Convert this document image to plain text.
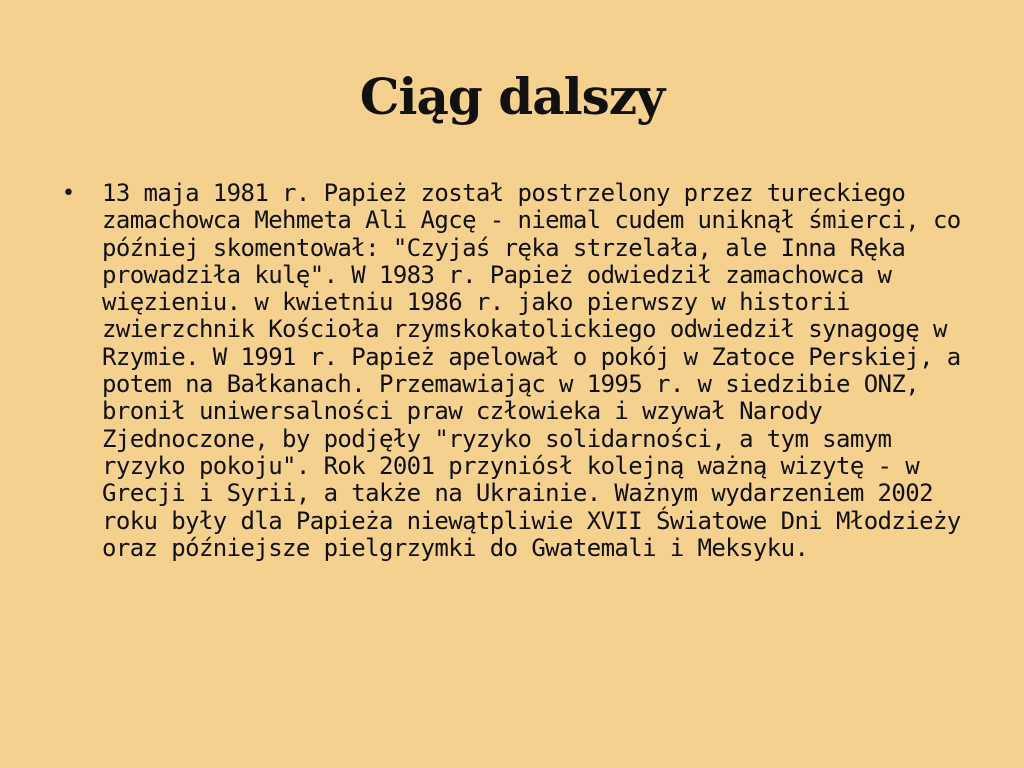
Ciąg dalszy
• 13 maja 1981 r. Papież został postrzelony przez tureckiego zamachowca Mehmeta Ali Agcę - niemal cudem uniknął śmierci, co później skomentował: "Czyjaś ręka strzelała, ale Inna Ręka prowadziła kulę". W 1983 r. Papież odwiedził zamachowca w więzieniu. w kwietniu 1986 r. jako pierwszy w historii zwierzchnik Kościoła rzymskokatolickiego odwiedził synagogę w Rzymie. W 1991 r. Papież apelował o pokój w Zatoce Perskiej, a potem na Bałkanach. Przemawiając w 1995 r. w siedzibie ONZ, bronił uniwersalności praw człowieka i wzywał Narody Zjednoczone, by podjęły "ryzyko solidarności, a tym samym ryzyko pokoju". Rok 2001 przyniósł kolejną ważną wizytę - w Grecji i Syrii, a także na Ukrainie. Ważnym wydarzeniem 2002 roku były dla Papieża niewątpliwie XVII Światowe Dni Młodzieży oraz późniejsze pielgrzymki do Gwatemali i Meksyku.
